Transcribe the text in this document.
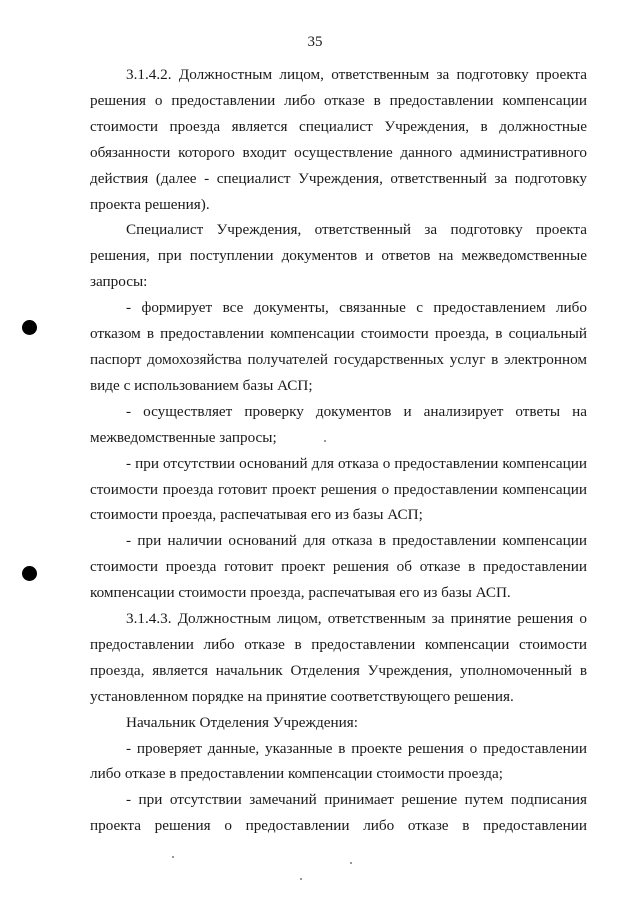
35

3.1.4.2. Должностным лицом, ответственным за подготовку проекта решения о предоставлении либо отказе в предоставлении компенсации стоимости проезда является специалист Учреждения, в должностные обязанности которого входит осуществление данного административного действия (далее - специалист Учреждения, ответственный за подготовку проекта решения).

Специалист Учреждения, ответственный за подготовку проекта решения, при поступлении документов и ответов на межведомственные запросы:

- формирует все документы, связанные с предоставлением либо отказом в предоставлении компенсации стоимости проезда, в социальный паспорт домохозяйства получателей государственных услуг в электронном виде с использованием базы АСП;

- осуществляет проверку документов и анализирует ответы на межведомственные запросы;

- при отсутствии оснований для отказа о предоставлении компенсации стоимости проезда готовит проект решения о предоставлении компенсации стоимости проезда, распечатывая его из базы АСП;

- при наличии оснований для отказа в предоставлении компенсации стоимости проезда готовит проект решения об отказе в предоставлении компенсации стоимости проезда, распечатывая его из базы АСП.

3.1.4.3. Должностным лицом, ответственным за принятие решения о предоставлении либо отказе в предоставлении компенсации стоимости проезда, является начальник Отделения Учреждения, уполномоченный в установленном порядке на принятие соответствующего решения.

Начальник Отделения Учреждения:

- проверяет данные, указанные в проекте решения о предоставлении либо отказе в предоставлении компенсации стоимости проезда;

- при отсутствии замечаний принимает решение путем подписания проекта решения о предоставлении либо отказе в предоставлении
